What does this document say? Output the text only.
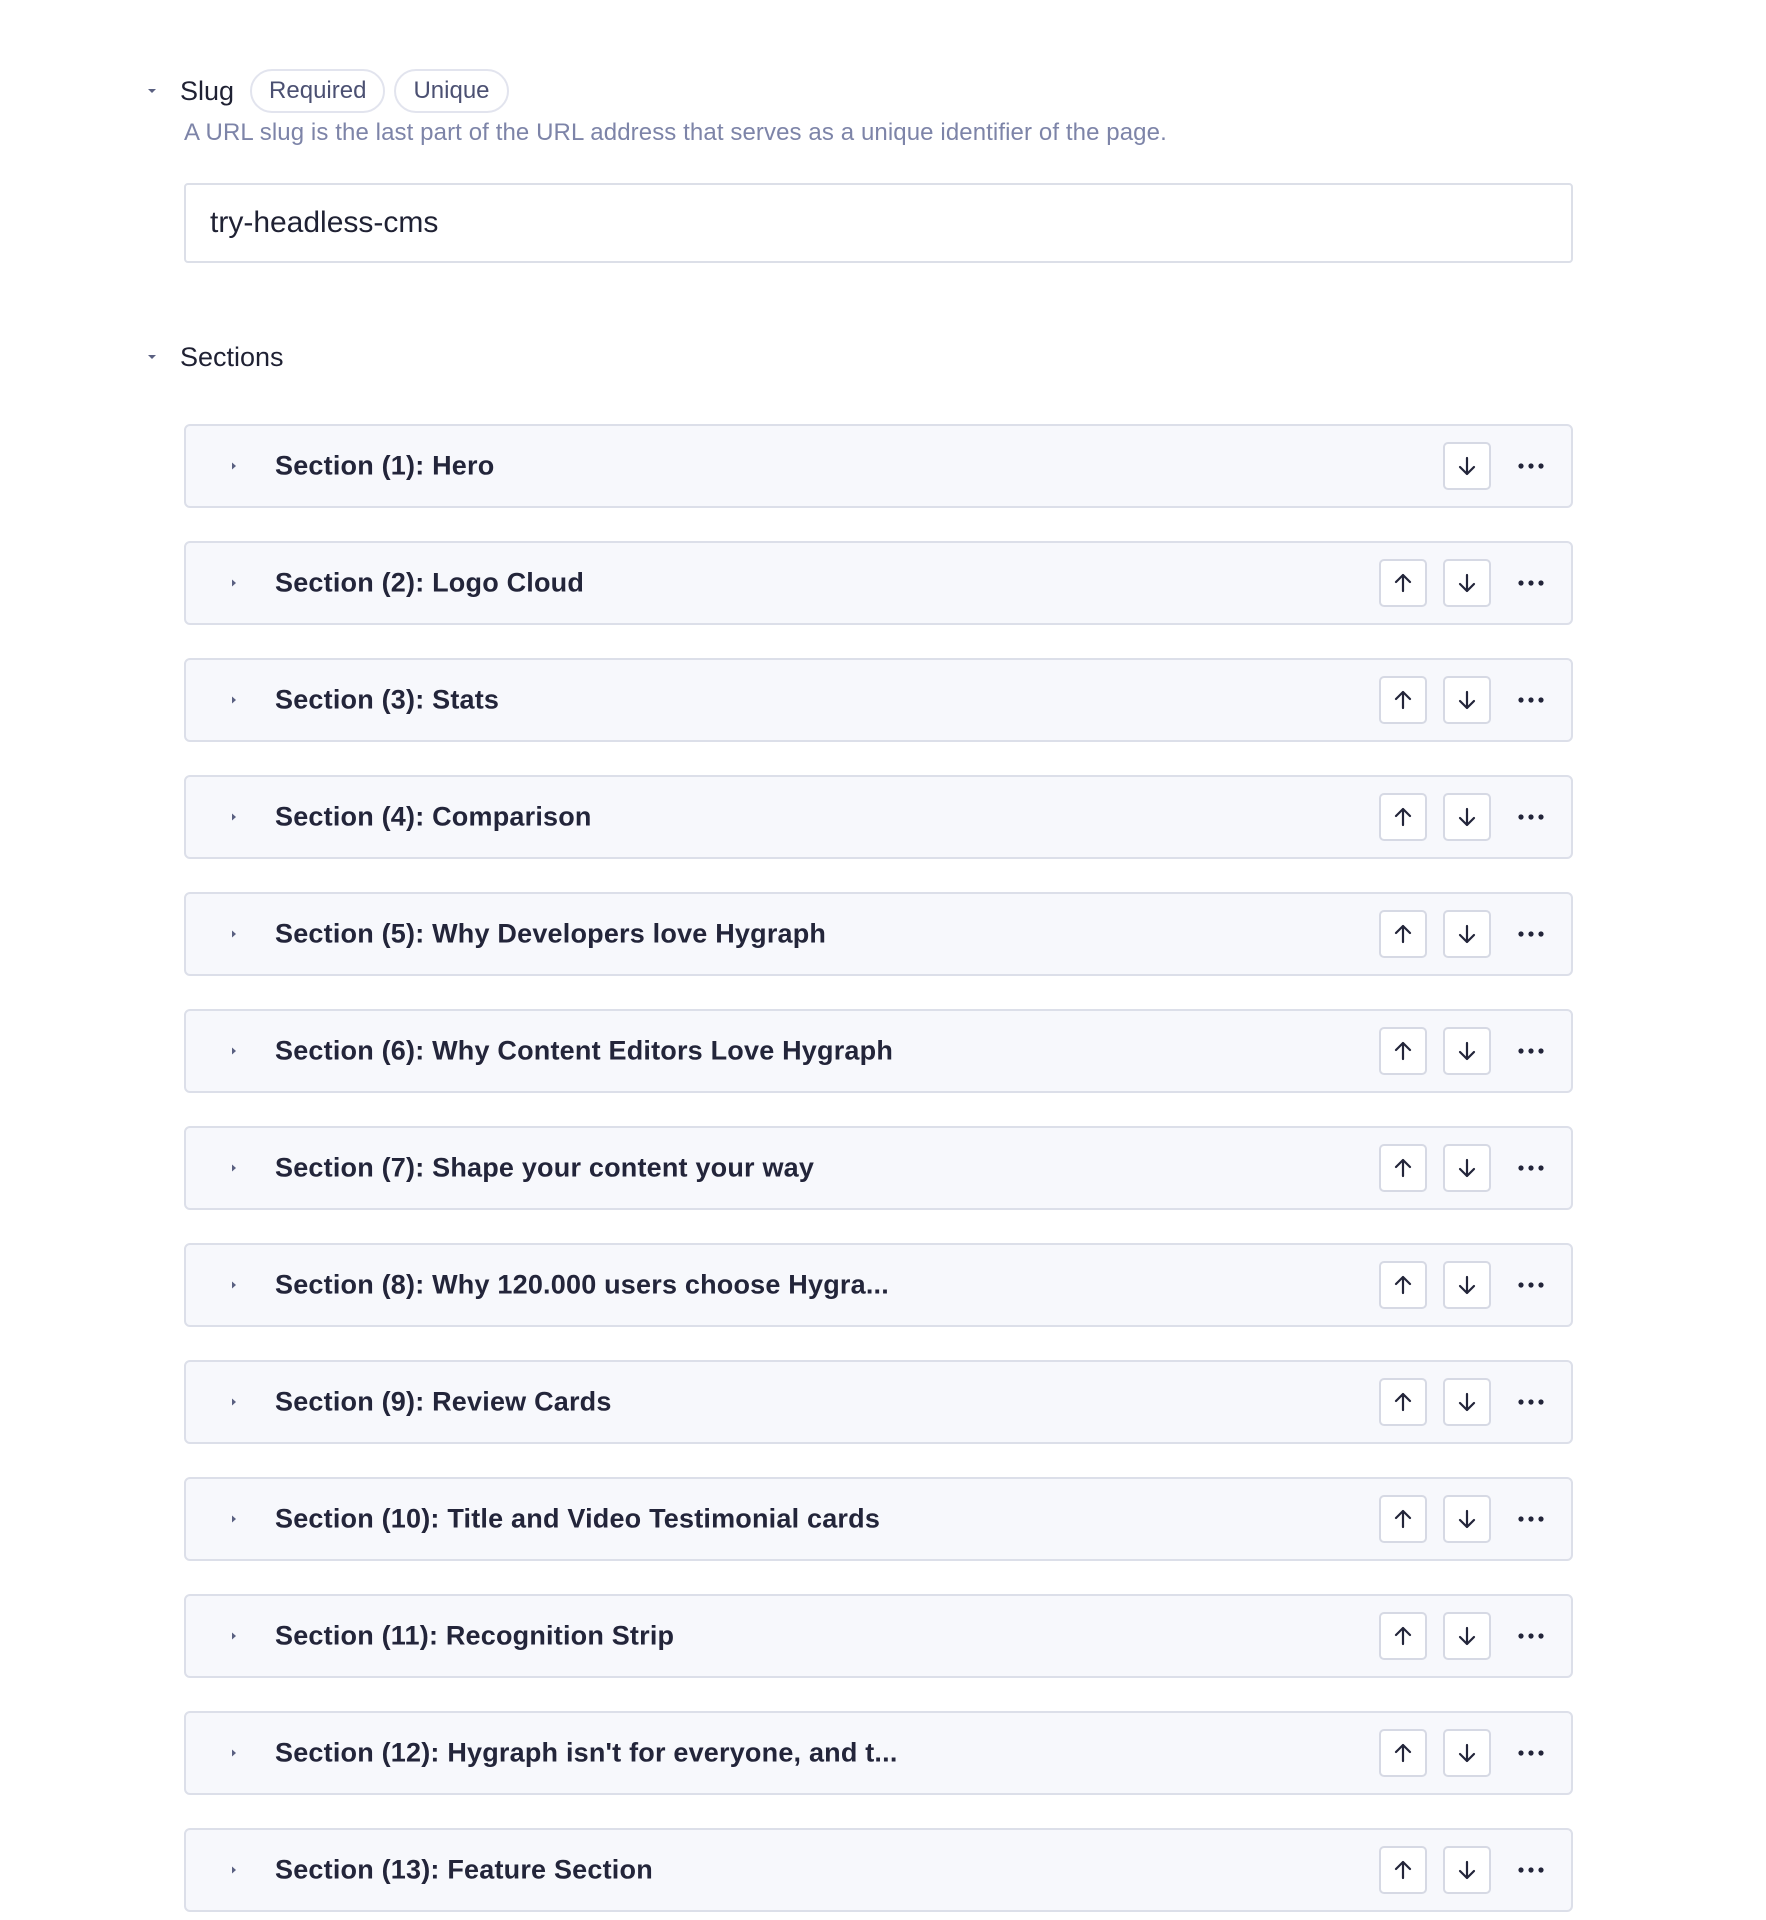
Slug	Required	Unique
A URL slug is the last part of the URL address that serves as a unique identifier of the page.
try-headless-cms
Sections
Section (1): Hero
Section (2): Logo Cloud
Section (3): Stats
Section (4): Comparison
Section (5): Why Developers love Hygraph
Section (6): Why Content Editors Love Hygraph
Section (7): Shape your content your way
Section (8): Why 120.000 users choose Hygra...
Section (9): Review Cards
Section (10): Title and Video Testimonial cards
Section (11): Recognition Strip
Section (12): Hygraph isn't for everyone, and t...
Section (13): Feature Section
